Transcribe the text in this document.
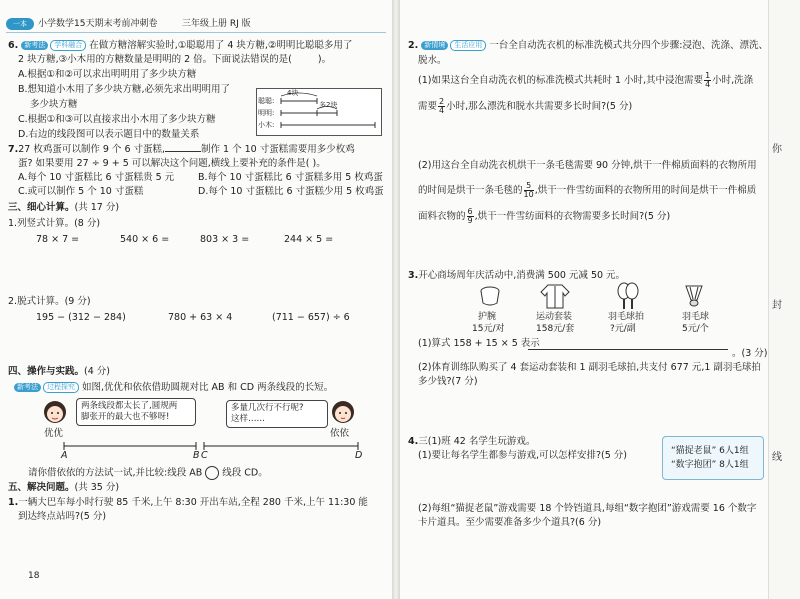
一本	小学数学15天期末考前冲刺卷	三年级上册 RJ 版
6. 新考法 学科融合 在做方糖溶解实验时,①聪聪用了 4 块方糖,②明明比聪聪多用了
2 块方糖,③小木用的方糖数量是明明的 2 倍。下面说法错误的是(	)。
A.根据①和②可以求出明明用了多少块方糖
B.想知道小木用了多少块方糖,必须先求出明明用了
多少块方糖
C.根据①和③可以直接求出小木用了多少块方糖
D.右边的线段图可以表示题目中的数量关系
4块
多2块
聪聪:
明明:
小木:
7.27 枚鸡蛋可以制作 9 个 6 寸蛋糕,	制作 1 个 10 寸蛋糕需要用多少枚鸡
蛋? 如果要用 27 ÷ 9 + 5 可以解决这个问题,横线上要补充的条件是( )。
A.每个 10 寸蛋糕比 6 寸蛋糕贵 5 元	B.每个 10 寸蛋糕比 6 寸蛋糕多用 5 枚鸡蛋
C.或可以制作 5 个 10 寸蛋糕	D.每个 10 寸蛋糕比 6 寸蛋糕少用 5 枚鸡蛋
三、细心计算。(共 17 分)
1.列竖式计算。(8 分)
78 × 7 =	540 × 6 =	803 × 3 =	244 × 5 =
2.脱式计算。(9 分)
195 − (312 − 284)	780 + 63 × 4	(711 − 657) ÷ 6
四、操作与实践。(4 分)
新考法 过程探究 如图,优优和依依借助圆规对比 AB 和 CD 两条线段的长短。
两条线段都太长了,圆规两
脚张开的最大也不够呀!
多量几次行不行呢?
这样……
优优	依依
A	B C	D
请你借依依的方法试一试,并比较:线段 AB 线段 CD。
五、解决问题。(共 35 分)
1.一辆大巴车每小时行驶 85 千米,上午 8:30 开出车站,全程 280 千米,上午 11:30 能
到达终点站吗?(5 分)
18
2. 新情境 生活应用 一台全自动洗衣机的标准洗模式共分四个步骤:浸泡、洗涤、漂洗、
脱水。
(1)如果这台全自动洗衣机的标准洗模式共耗时 1 小时,其中浸泡需要 $\frac{1}{4}$ 小时,洗涤
需要 $\frac{2}{4}$ 小时,那么漂洗和脱水共需要多长时间?(5 分)
(2)用这台全自动洗衣机烘干一条毛毯需要 90 分钟,烘干一件棉质面料的衣物所用
的时间是烘干一条毛毯的 $\frac{5}{10}$ ,烘干一件雪纺面料的衣物所用的时间是烘干一件棉质
面料衣物的 $\frac{6}{9}$ ,烘干一件雪纺面料的衣物需要多长时间?(5 分)
3.开心商场周年庆活动中,消费满 500 元减 50 元。
护腕
15元/对
运动套装
158元/套
羽毛球拍
?元/副
羽毛球
5元/个
(1)算式 158 + 15 × 5 表示
。(3 分)
(2)体育训练队购买了 4 套运动套装和 1 副羽毛球拍,共支付 677 元,1 副羽毛球拍
多少钱?(7 分)
4.三(1)班 42 名学生玩游戏。
(1)要让每名学生都参与游戏,可以怎样安排?(5 分)	“猫捉老鼠” 6人1组
“数字抱团” 8人1组
(2)每组“猫捉老鼠”游戏需要 18 个铃铛道具,每组“数字抱团”游戏需要 16 个数字
卡片道具。至少需要准备多少个道具?(6 分)
你
封
线
